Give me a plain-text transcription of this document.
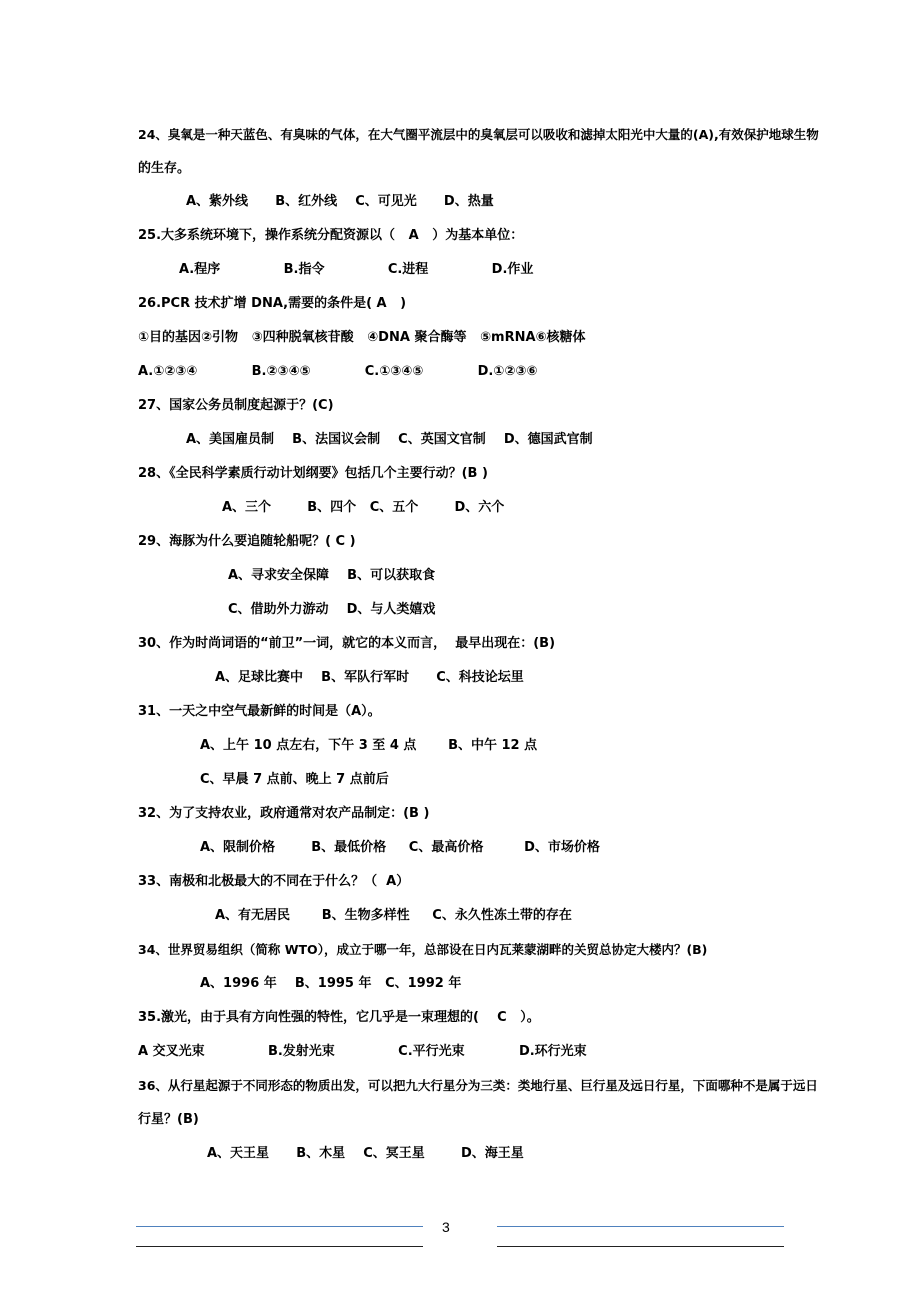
24、臭氧是一种天蓝色、有臭味的气体，在大气圈平流层中的臭氧层可以吸收和滤掉太阳光中大量的(A),有效保护地球生物
的生存。
A、紫外线      B、红外线    C、可见光      D、热量
25.大多系统环境下，操作系统分配资源以（   A   ）为基本单位：
A.程序              B.指令              C.进程              D.作业
26.PCR 技术扩增 DNA,需要的条件是( A   )
①目的基因②引物   ③四种脱氧核苷酸   ④DNA 聚合酶等   ⑤mRNA⑥核糖体
A.①②③④            B.②③④⑤            C.①③④⑤            D.①②③⑥
27、国家公务员制度起源于？(C)
A、美国雇员制    B、法国议会制    C、英国文官制    D、德国武官制
28、《全民科学素质行动计划纲要》包括几个主要行动？(B )
A、三个        B、四个   C、五个        D、六个
29、海豚为什么要追随轮船呢？( C )
A、寻求安全保障    B、可以获取食
C、借助外力游动    D、与人类嬉戏
30、作为时尚词语的“前卫”一词，就它的本义而言，  最早出现在：(B)
A、足球比赛中    B、军队行军时      C、科技论坛里
31、一天之中空气最新鲜的时间是（A）。
A、上午 10 点左右，下午 3 至 4 点       B、中午 12 点
C、早晨 7 点前、晚上 7 点前后
32、为了支持农业，政府通常对农产品制定：(B )
A、限制价格        B、最低价格     C、最高价格         D、市场价格
33、南极和北极最大的不同在于什么？（  A）
A、有无居民       B、生物多样性     C、永久性冻土带的存在
34、世界贸易组织（简称 WTO），成立于哪一年，总部设在日内瓦莱蒙湖畔的关贸总协定大楼内？(B)
A、1996 年    B、1995 年   C、1992 年
35.激光，由于具有方向性强的特性，它几乎是一束理想的(    C   ）。
A 交叉光束              B.发射光束              C.平行光束            D.环行光束
36、从行星起源于不同形态的物质出发，可以把九大行星分为三类：类地行星、巨行星及远日行星，下面哪种不是属于远日
行星？(B)
A、天王星      B、木星    C、冥王星        D、海王星
3
